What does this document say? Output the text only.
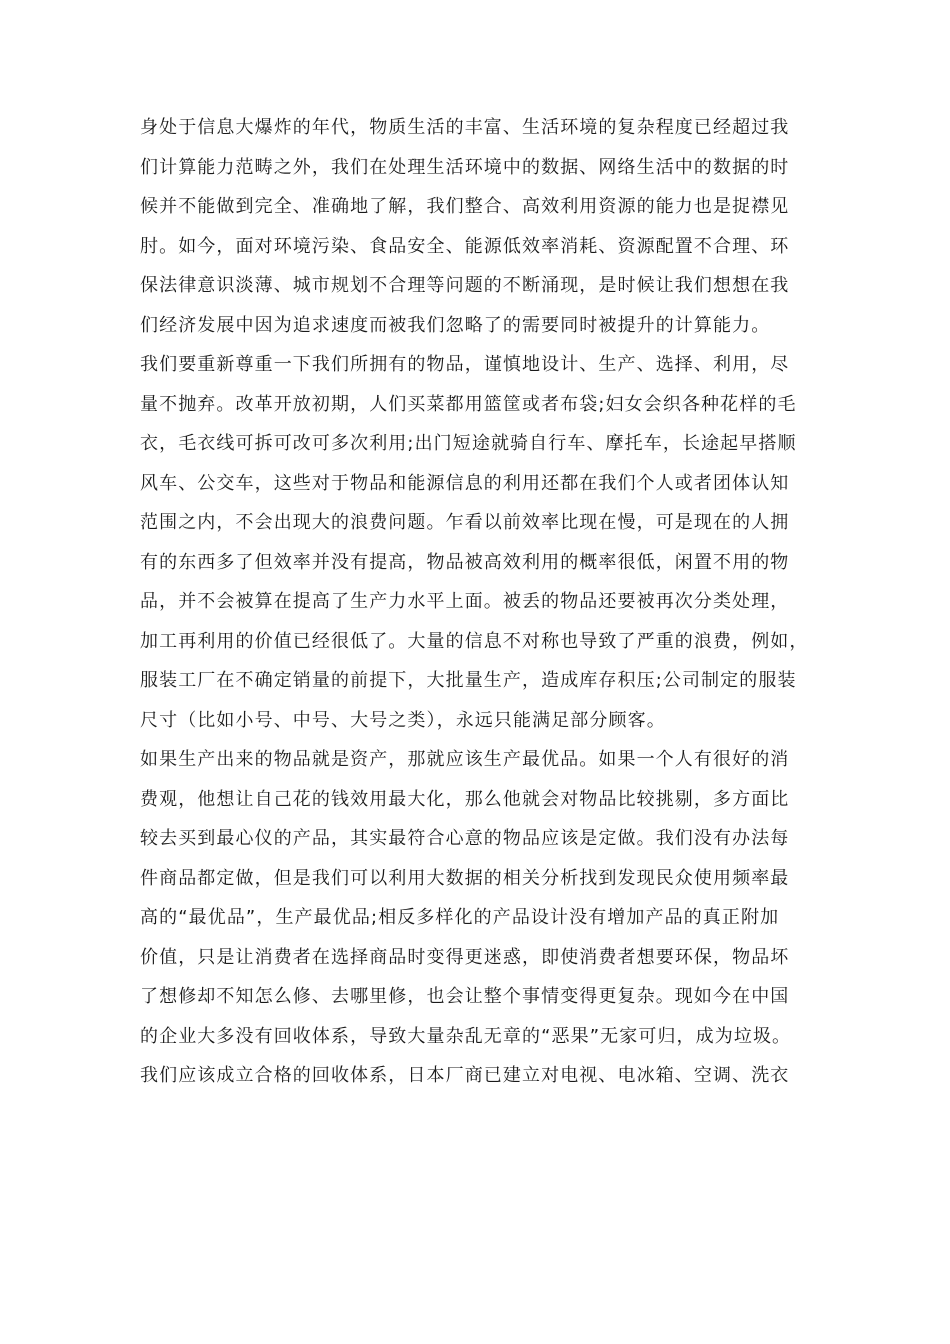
身处于信息大爆炸的年代，物质生活的丰富、生活环境的复杂程度已经超过我
们计算能力范畴之外，我们在处理生活环境中的数据、网络生活中的数据的时
候并不能做到完全、准确地了解，我们整合、高效利用资源的能力也是捉襟见
肘。如今，面对环境污染、食品安全、能源低效率消耗、资源配置不合理、环
保法律意识淡薄、城市规划不合理等问题的不断涌现，是时候让我们想想在我
们经济发展中因为追求速度而被我们忽略了的需要同时被提升的计算能力。
我们要重新尊重一下我们所拥有的物品，谨慎地设计、生产、选择、利用，尽
量不抛弃。改革开放初期，人们买菜都用篮筐或者布袋;妇女会织各种花样的毛
衣，毛衣线可拆可改可多次利用;出门短途就骑自行车、摩托车，长途起早搭顺
风车、公交车，这些对于物品和能源信息的利用还都在我们个人或者团体认知
范围之内，不会出现大的浪费问题。乍看以前效率比现在慢，可是现在的人拥
有的东西多了但效率并没有提高，物品被高效利用的概率很低，闲置不用的物
品，并不会被算在提高了生产力水平上面。被丢的物品还要被再次分类处理，
加工再利用的价值已经很低了。大量的信息不对称也导致了严重的浪费，例如，
服装工厂在不确定销量的前提下，大批量生产，造成库存积压;公司制定的服装
尺寸（比如小号、中号、大号之类），永远只能满足部分顾客。
如果生产出来的物品就是资产，那就应该生产最优品。如果一个人有很好的消
费观，他想让自己花的钱效用最大化，那么他就会对物品比较挑剔，多方面比
较去买到最心仪的产品，其实最符合心意的物品应该是定做。我们没有办法每
件商品都定做，但是我们可以利用大数据的相关分析找到发现民众使用频率最
高的“最优品”，生产最优品;相反多样化的产品设计没有增加产品的真正附加
价值，只是让消费者在选择商品时变得更迷惑，即使消费者想要环保，物品坏
了想修却不知怎么修、去哪里修，也会让整个事情变得更复杂。现如今在中国
的企业大多没有回收体系，导致大量杂乱无章的“恶果”无家可归，成为垃圾。
我们应该成立合格的回收体系，日本厂商已建立对电视、电冰箱、空调、洗衣
